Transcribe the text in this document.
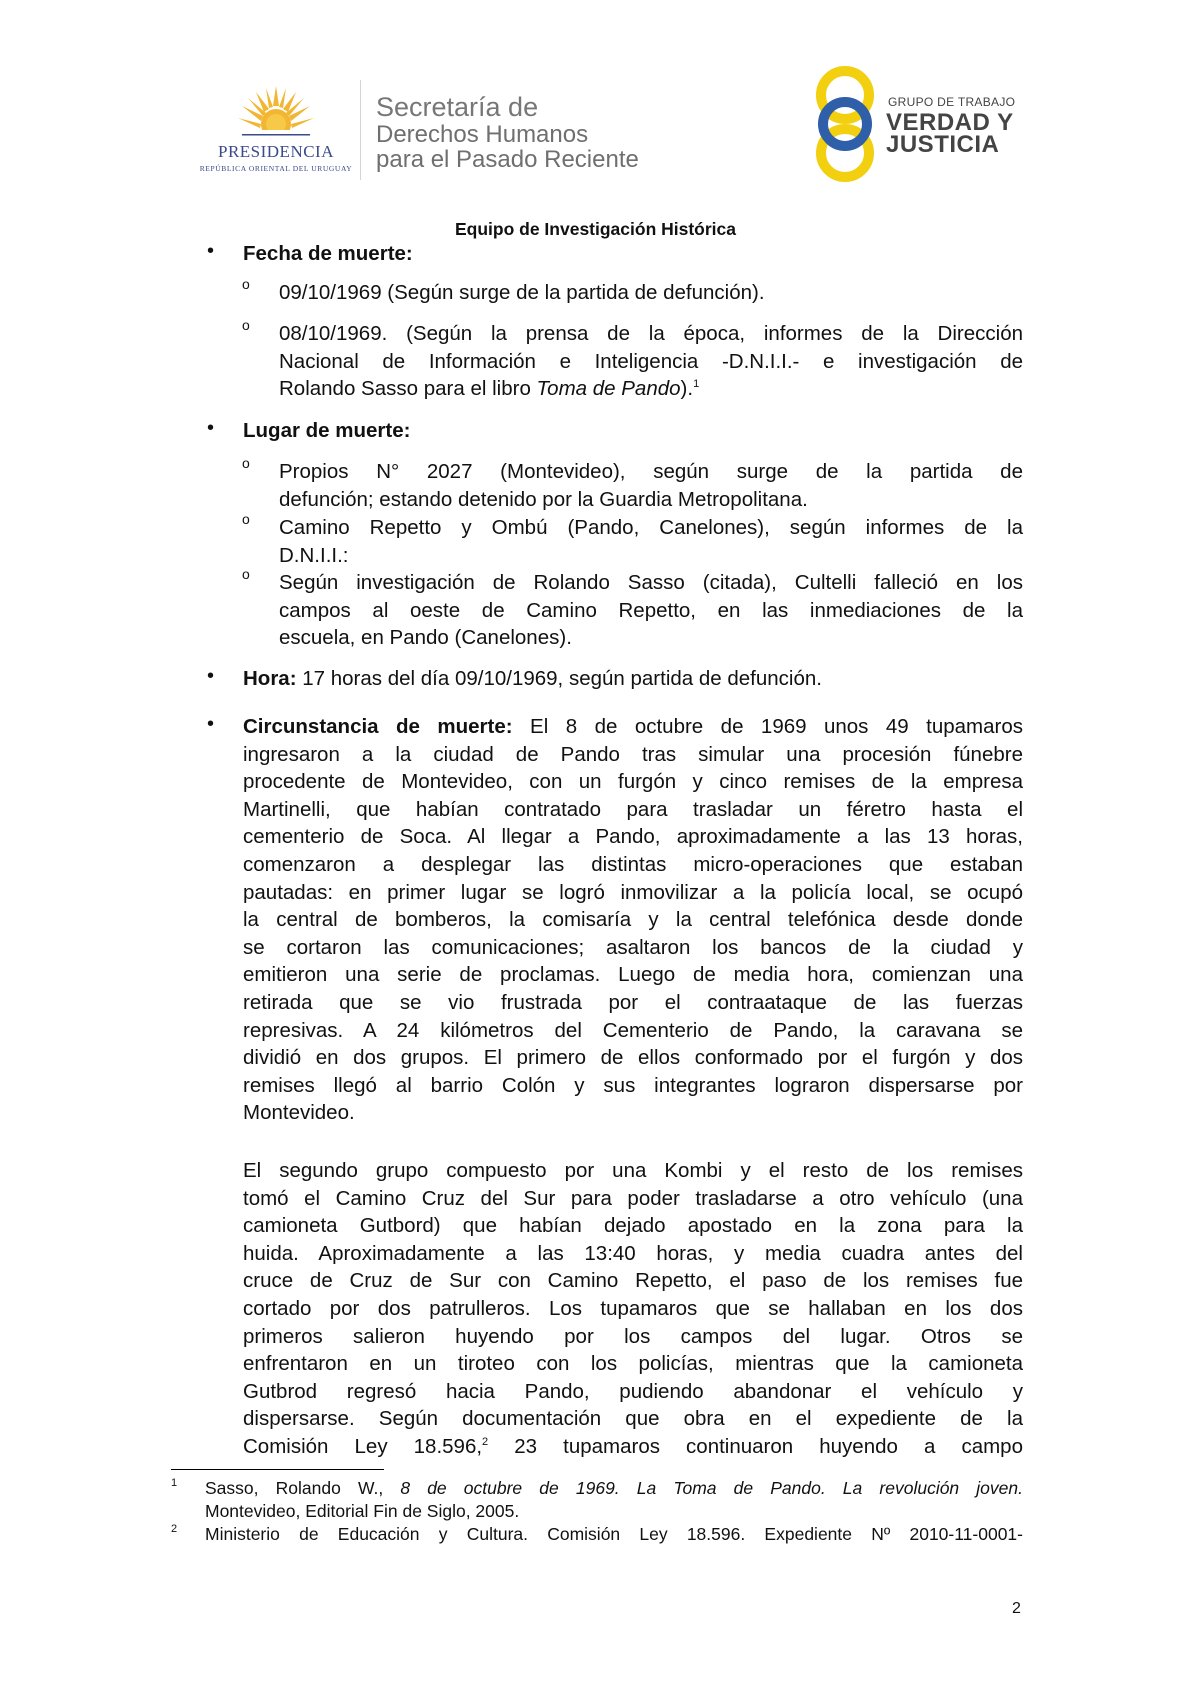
PRESIDENCIA
REPÚBLICA ORIENTAL DEL URUGUAY
Secretaría de
Derechos Humanos
para el Pasado Reciente
GRUPO DE TRABAJO
VERDAD Y
JUSTICIA
Equipo de Investigación Histórica
• Fecha de muerte:
o 09/10/1969 (Según surge de la partida de defunción).
o 08/10/1969. (Según la prensa de la época, informes de la Dirección
Nacional de Información e Inteligencia -D.N.I.I.- e investigación de
Rolando Sasso para el libro Toma de Pando).$^1$
• Lugar de muerte:
o Propios N° 2027 (Montevideo), según surge de la partida de
defunción; estando detenido por la Guardia Metropolitana.
o Camino Repetto y Ombú (Pando, Canelones), según informes de la
D.N.I.I.:
o Según investigación de Rolando Sasso (citada), Cultelli falleció en los
campos al oeste de Camino Repetto, en las inmediaciones de la
escuela, en Pando (Canelones).
• Hora: 17 horas del día 09/10/1969, según partida de defunción.
• Circunstancia de muerte: El 8 de octubre de 1969 unos 49 tupamaros
ingresaron a la ciudad de Pando tras simular una procesión fúnebre
procedente de Montevideo, con un furgón y cinco remises de la empresa
Martinelli, que habían contratado para trasladar un féretro hasta el
cementerio de Soca. Al llegar a Pando, aproximadamente a las 13 horas,
comenzaron a desplegar las distintas micro-operaciones que estaban
pautadas: en primer lugar se logró inmovilizar a la policía local, se ocupó
la central de bomberos, la comisaría y la central telefónica desde donde
se cortaron las comunicaciones; asaltaron los bancos de la ciudad y
emitieron una serie de proclamas. Luego de media hora, comienzan una
retirada que se vio frustrada por el contraataque de las fuerzas
represivas. A 24 kilómetros del Cementerio de Pando, la caravana se
dividió en dos grupos. El primero de ellos conformado por el furgón y dos
remises llegó al barrio Colón y sus integrantes lograron dispersarse por
Montevideo.
El segundo grupo compuesto por una Kombi y el resto de los remises
tomó el Camino Cruz del Sur para poder trasladarse a otro vehículo (una
camioneta Gutbord) que habían dejado apostado en la zona para la
huida. Aproximadamente a las 13:40 horas, y media cuadra antes del
cruce de Cruz de Sur con Camino Repetto, el paso de los remises fue
cortado por dos patrulleros. Los tupamaros que se hallaban en los dos
primeros salieron huyendo por los campos del lugar. Otros se
enfrentaron en un tiroteo con los policías, mientras que la camioneta
Gutbrod regresó hacia Pando, pudiendo abandonar el vehículo y
dispersarse. Según documentación que obra en el expediente de la
Comisión Ley 18.596,$^2$ 23 tupamaros continuaron huyendo a campo
1 Sasso, Rolando W., 8 de octubre de 1969. La Toma de Pando. La revolución joven.
Montevideo, Editorial Fin de Siglo, 2005.
2 Ministerio de Educación y Cultura. Comisión Ley 18.596. Expediente Nº 2010-11-0001-
2
